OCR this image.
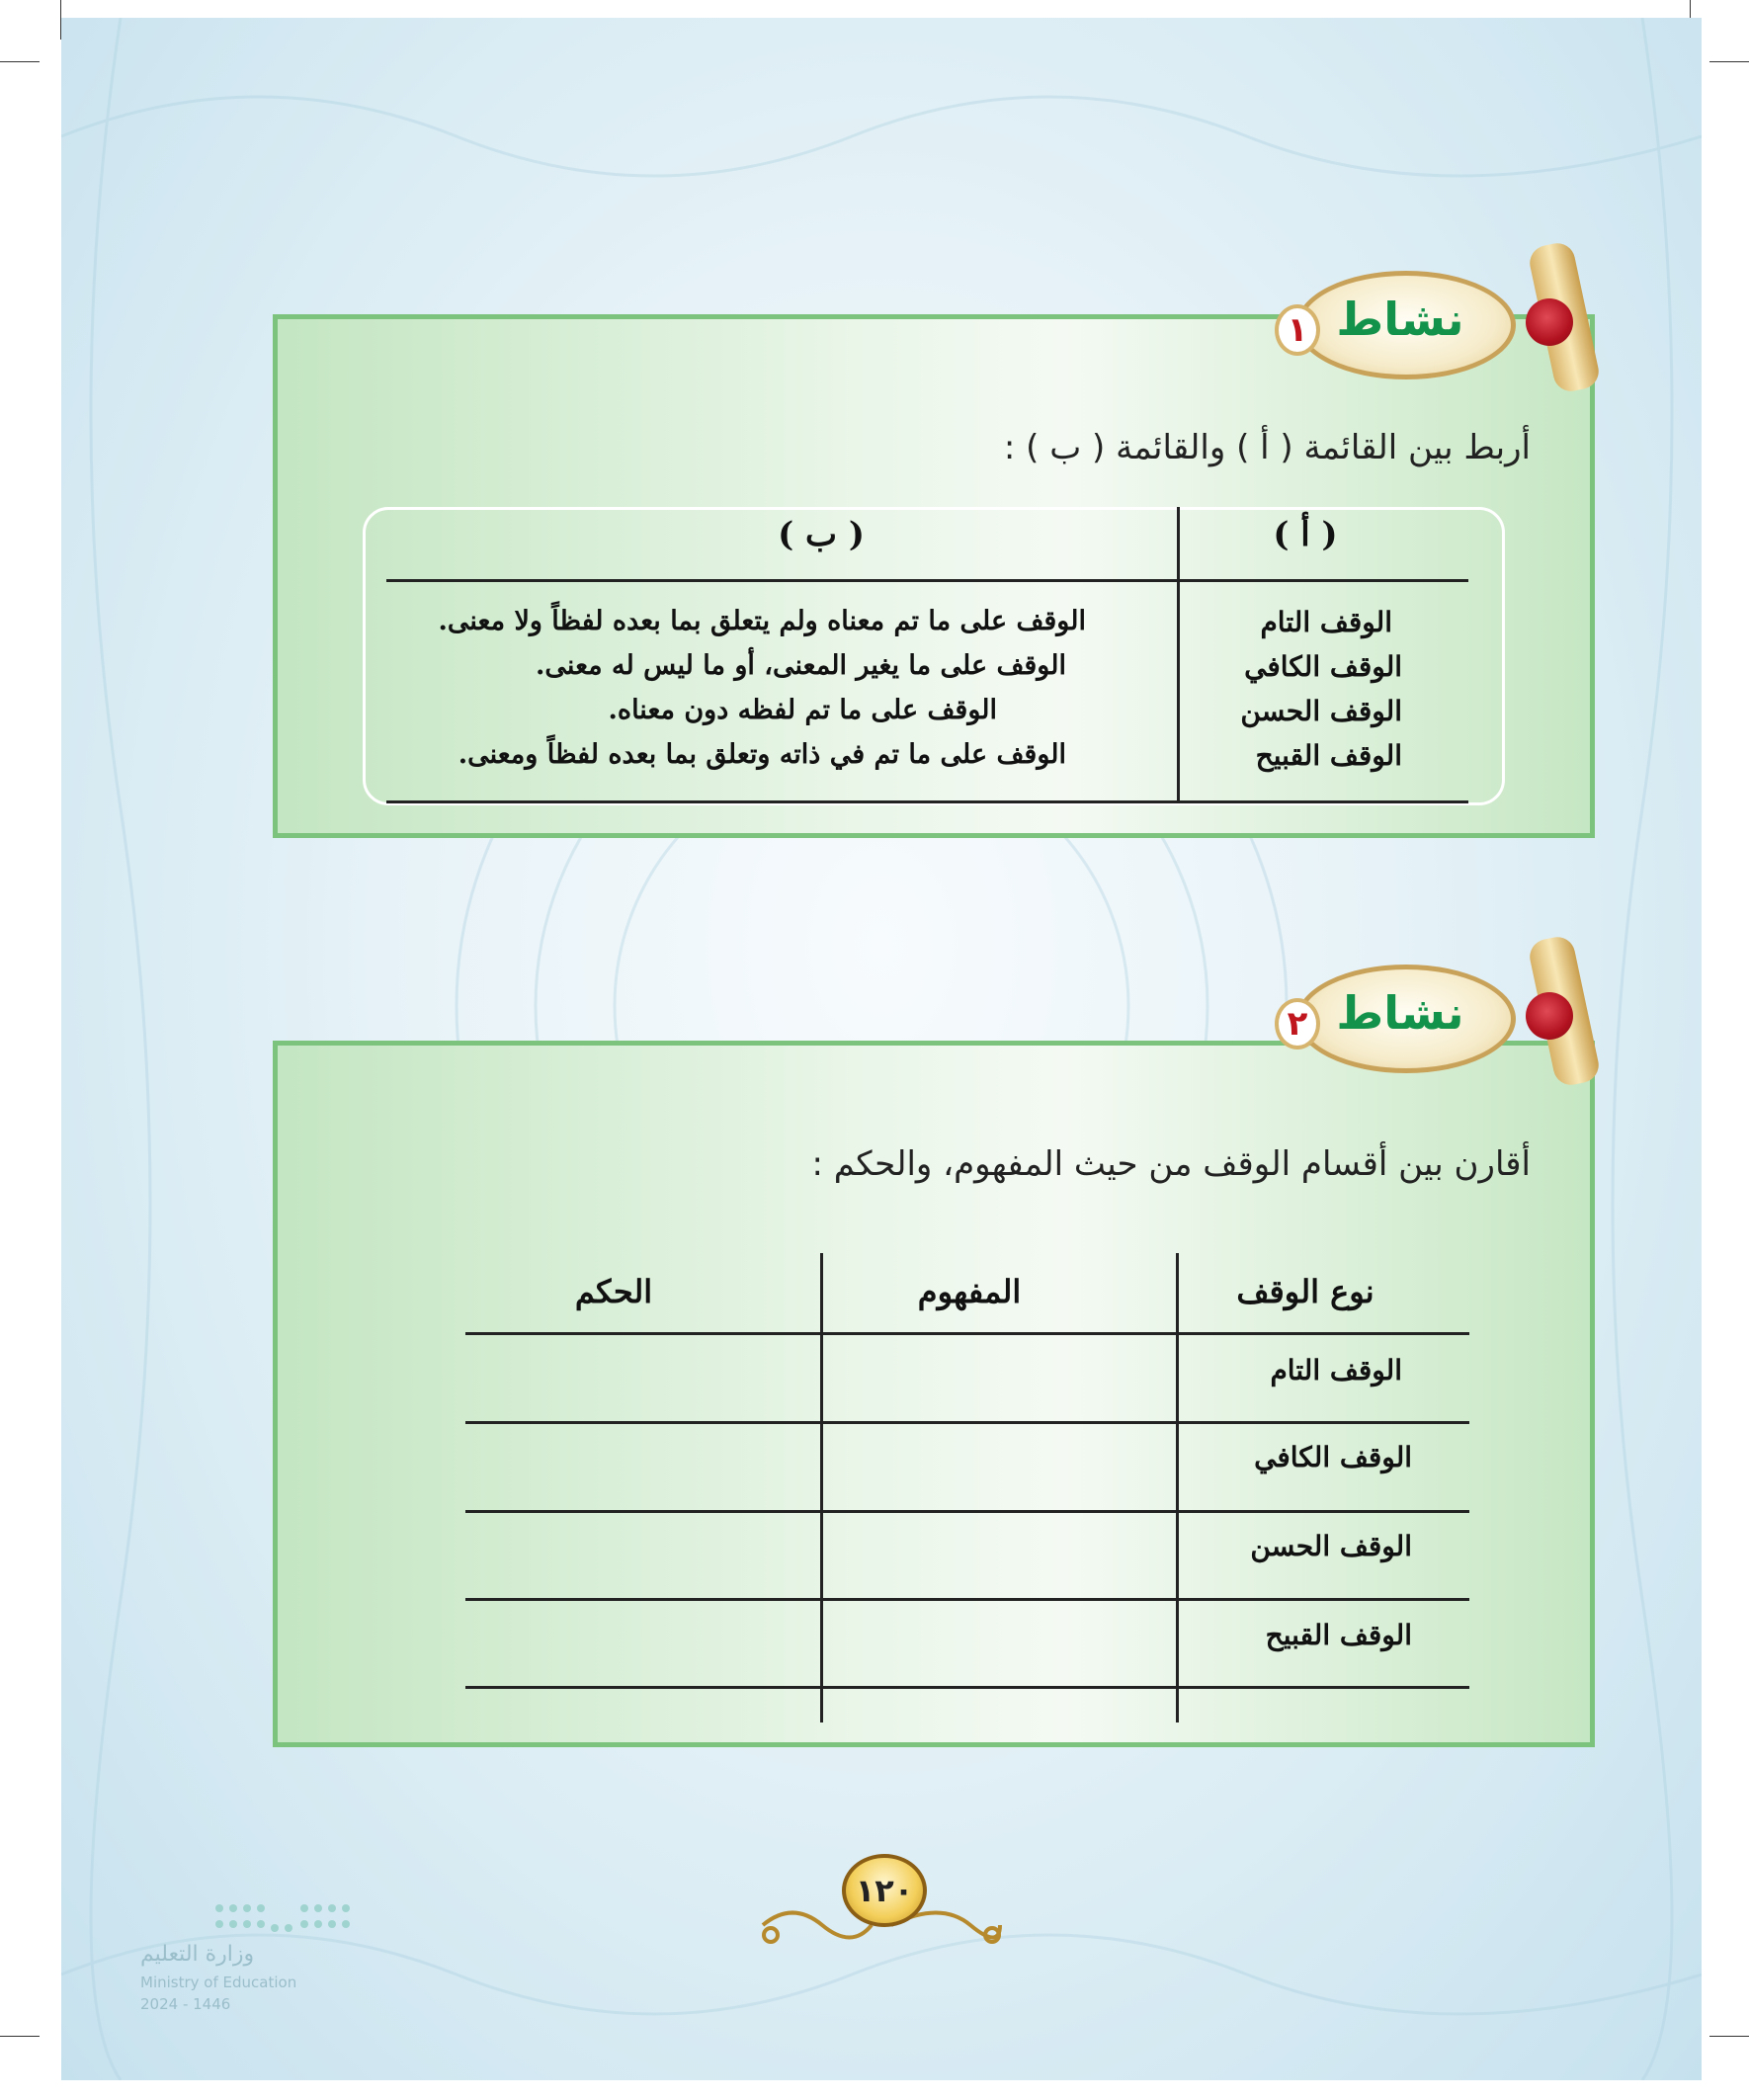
أربط بين القائمة ( أ ) والقائمة ( ب ) :
( أ )
( ب )
الوقف التام
الوقف الكافي
الوقف الحسن
الوقف القبيح
الوقف على ما تم معناه ولم يتعلق بما بعده لفظاً ولا معنى.
الوقف على ما يغير المعنى، أو ما ليس له معنى.
الوقف على ما تم لفظه دون معناه.
الوقف على ما تم في ذاته وتعلق بما بعده لفظاً ومعنى.
أقارن بين أقسام الوقف من حيث المفهوم، والحكم :
نوع الوقف
المفهوم
الحكم
الوقف التام
الوقف الكافي
الوقف الحسن
الوقف القبيح
نشاط
١
نشاط
٢
١٢٠
وزارة التعليم
Ministry of Education
2024 - 1446
